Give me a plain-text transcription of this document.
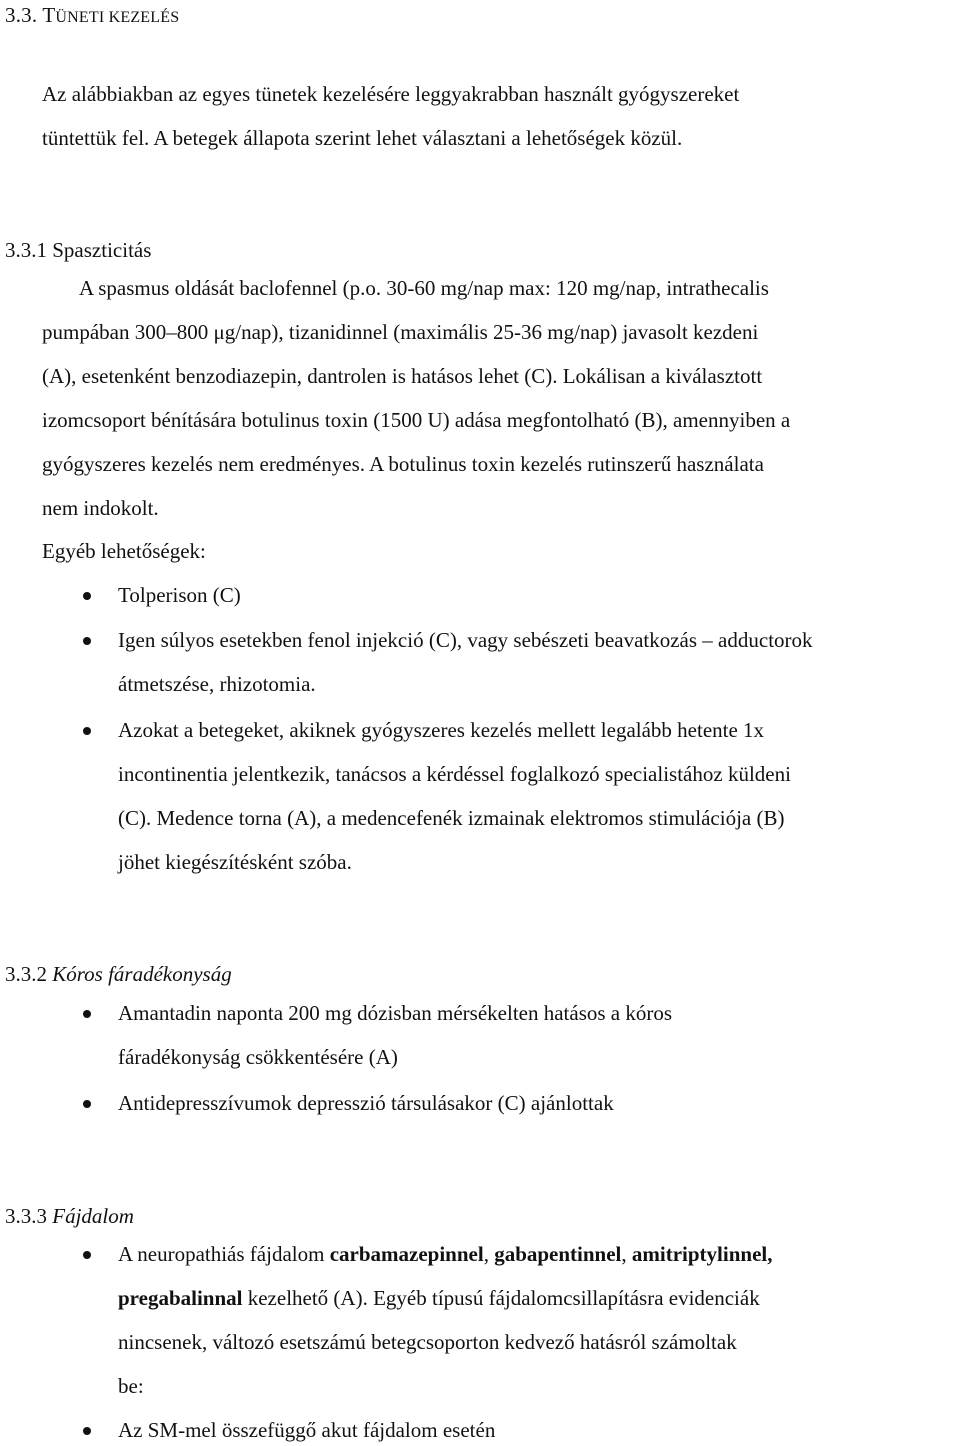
3.3. TÜNETI KEZELÉS
Az alábbiakban az egyes tünetek kezelésére leggyakrabban használt gyógyszereket
tüntettük fel. A betegek állapota szerint lehet választani a lehetőségek közül.
3.3.1 Spaszticitás
A spasmus oldását baclofennel (p.o. 30-60 mg/nap max: 120 mg/nap, intrathecalis
pumpában 300–800 μg/nap), tizanidinnel (maximális 25-36 mg/nap) javasolt kezdeni
(A), esetenként benzodiazepin, dantrolen is hatásos lehet (C). Lokálisan a kiválasztott
izomcsoport bénítására botulinus toxin (1500 U) adása megfontolható (B), amennyiben a
gyógyszeres kezelés nem eredményes. A botulinus toxin kezelés rutinszerű használata
nem indokolt.
Egyéb lehetőségek:
Tolperison (C)
Igen súlyos esetekben fenol injekció (C), vagy sebészeti beavatkozás – adductorok
átmetszése, rhizotomia.
Azokat a betegeket, akiknek gyógyszeres kezelés mellett legalább hetente 1x
incontinentia jelentkezik, tanácsos a kérdéssel foglalkozó specialistához küldeni
(C). Medence torna (A), a medencefenék izmainak elektromos stimulációja (B)
jöhet kiegészítésként szóba.
3.3.2 Kóros fáradékonyság
Amantadin naponta 200 mg dózisban mérsékelten hatásos a kóros
fáradékonyság csökkentésére (A)
Antidepresszívumok depresszió társulásakor (C) ajánlottak
3.3.3 Fájdalom
A neuropathiás fájdalom carbamazepinnel, gabapentinnel, amitriptylinnel,
pregabalinnal kezelhető (A). Egyéb típusú fájdalomcsillapításra evidenciák
nincsenek, változó esetszámú betegcsoporton kedvező hatásról számoltak
be:
Az SM-mel összefüggő akut fájdalom esetén
